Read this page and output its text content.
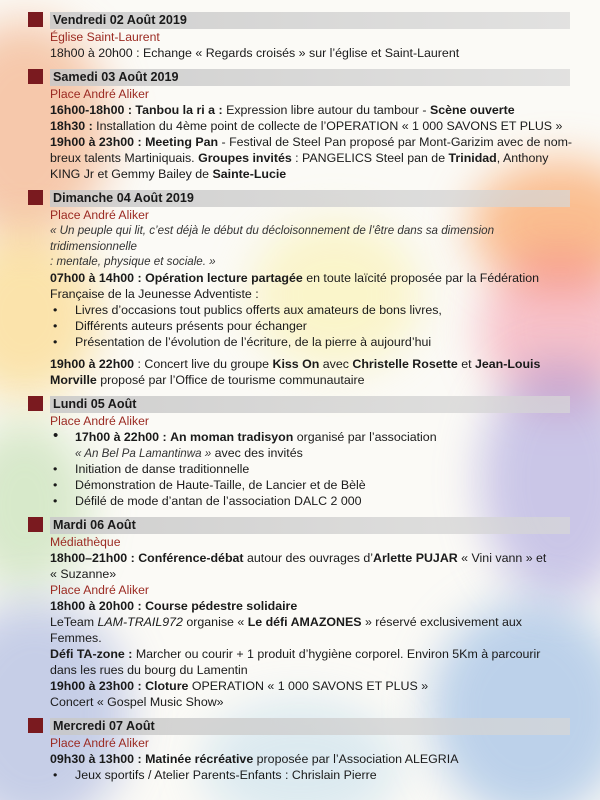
Vendredi 02 Août 2019
Église Saint-Laurent
18h00 à 20h00 : Echange « Regards croisés » sur l’église et Saint-Laurent
Samedi 03 Août 2019
Place André Aliker
16h00-18h00 : Tanbou la ri a : Expression libre autour du tambour - Scène ouverte
18h30 : Installation du 4ème point de collecte de l’OPERATION « 1 000 SAVONS ET PLUS »
19h00 à 23h00 : Meeting Pan - Festival de Steel Pan proposé par Mont-Garizim avec de nom-
breux talents Martiniquais. Groupes invités : PANGELICS Steel pan de Trinidad, Anthony
KING Jr et Gemmy Bailey de Sainte-Lucie
Dimanche 04 Août 2019
Place André Aliker
« Un peuple qui lit, c’est déjà le début du décloisonnement de l’être dans sa dimension tridimensionnelle
: mentale, physique et sociale. »
07h00 à 14h00 : Opération lecture partagée en toute laïcité proposée par la Fédération
Française de la Jeunesse Adventiste :
• Livres d’occasions tout publics offerts aux amateurs de bons livres,
• Différents auteurs présents pour échanger
• Présentation de l’évolution de l’écriture, de la pierre à aujourd’hui
19h00 à 22h00 : Concert live du groupe Kiss On avec Christelle Rosette et Jean-Louis
Morville proposé par l’Office de tourisme communautaire
Lundi 05 Août
Place André Aliker
• 17h00 à 22h00 : An moman tradisyon organisé par l’association
« An Bel Pa Lamantinwa » avec des invités
• Initiation de danse traditionnelle
• Démonstration de Haute-Taille, de Lancier et de Bèlè
• Défilé de mode d’antan de l’association DALC 2 000
Mardi 06 Août
Médiathèque
18h00–21h00 : Conférence-débat autour des ouvrages d’Arlette PUJAR « Vini vann » et
« Suzanne»
Place André Aliker
18h00 à 20h00 : Course pédestre solidaire
LeTeam LAM-TRAIL972 organise « Le défi AMAZONES » réservé exclusivement aux
Femmes.
Défi TA-zone : Marcher ou courir + 1 produit d’hygiène corporel. Environ 5Km à parcourir
dans les rues du bourg du Lamentin
19h00 à 23h00 : Cloture OPERATION « 1 000 SAVONS ET PLUS »
Concert « Gospel Music Show»
Mercredi 07 Août
Place André Aliker
09h30 à 13h00 : Matinée récréative proposée par l’Association ALEGRIA
• Jeux sportifs / Atelier Parents-Enfants : Chrislain Pierre
